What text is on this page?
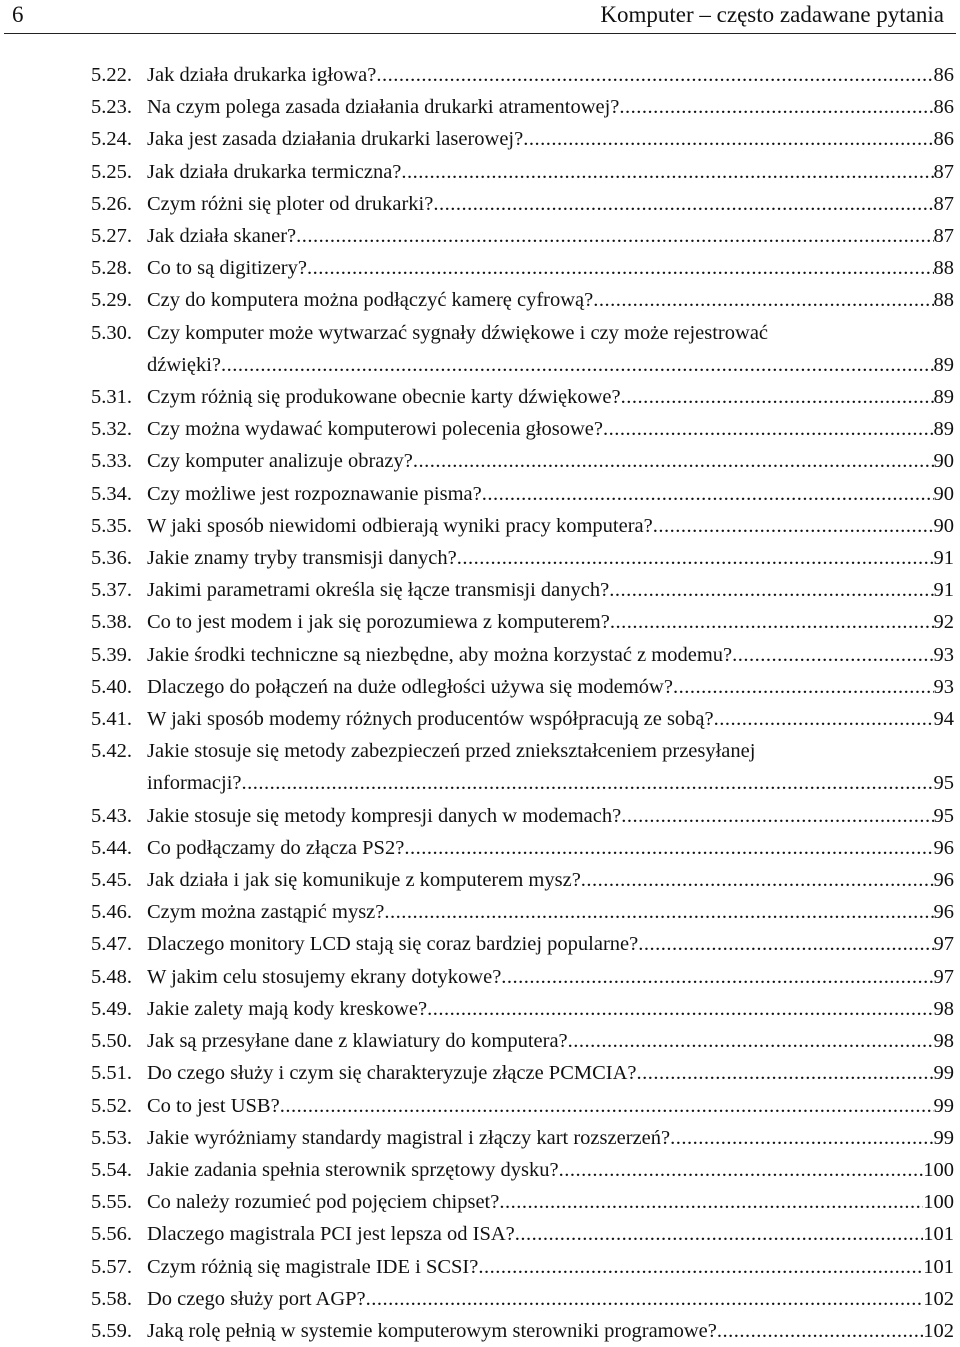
6	Komputer – często zadawane pytania
5.22. Jak działa drukarka igłowa? .....	86
5.23. Na czym polega zasada działania drukarki atramentowej? .....	86
5.24. Jaka jest zasada działania drukarki laserowej? .....	86
5.25. Jak działa drukarka termiczna? .....	87
5.26. Czym różni się ploter od drukarki? .....	87
5.27. Jak działa skaner? .....	87
5.28. Co to są digitizery? .....	88
5.29. Czy do komputera można podłączyć kamerę cyfrową? .....	88
5.30. Czy komputer może wytwarzać sygnały dźwiękowe i czy może rejestrować
dźwięki? .....	89
5.31. Czym różnią się produkowane obecnie karty dźwiękowe? .....	89
5.32. Czy można wydawać komputerowi polecenia głosowe? .....	89
5.33. Czy komputer analizuje obrazy? .....	90
5.34. Czy możliwe jest rozpoznawanie pisma? .....	90
5.35. W jaki sposób niewidomi odbierają wyniki pracy komputera? .....	90
5.36. Jakie znamy tryby transmisji danych? .....	91
5.37. Jakimi parametrami określa się łącze transmisji danych? .....	91
5.38. Co to jest modem i jak się porozumiewa z komputerem? .....	92
5.39. Jakie środki techniczne są niezbędne, aby można korzystać z modemu? .....	93
5.40. Dlaczego do połączeń na duże odległości używa się modemów? .....	93
5.41. W jaki sposób modemy różnych producentów współpracują ze sobą? .....	94
5.42. Jakie stosuje się metody zabezpieczeń przed zniekształceniem przesyłanej
informacji? .....	95
5.43. Jakie stosuje się metody kompresji danych w modemach? .....	95
5.44. Co podłączamy do złącza PS2? .....	96
5.45. Jak działa i jak się komunikuje z komputerem mysz? .....	96
5.46. Czym można zastąpić mysz? .....	96
5.47. Dlaczego monitory LCD stają się coraz bardziej popularne? .....	97
5.48. W jakim celu stosujemy ekrany dotykowe? .....	97
5.49. Jakie zalety mają kody kreskowe? .....	98
5.50. Jak są przesyłane dane z klawiatury do komputera? .....	98
5.51. Do czego służy i czym się charakteryzuje złącze PCMCIA? .....	99
5.52. Co to jest USB? .....	99
5.53. Jakie wyróżniamy standardy magistral i złączy kart rozszerzeń? .....	99
5.54. Jakie zadania spełnia sterownik sprzętowy dysku? .....	100
5.55. Co należy rozumieć pod pojęciem chipset? .....	100
5.56. Dlaczego magistrala PCI jest lepsza od ISA? .....	101
5.57. Czym różnią się magistrale IDE i SCSI? .....	101
5.58. Do czego służy port AGP? .....	102
5.59. Jaką rolę pełnią w systemie komputerowym sterowniki programowe? .....	102
